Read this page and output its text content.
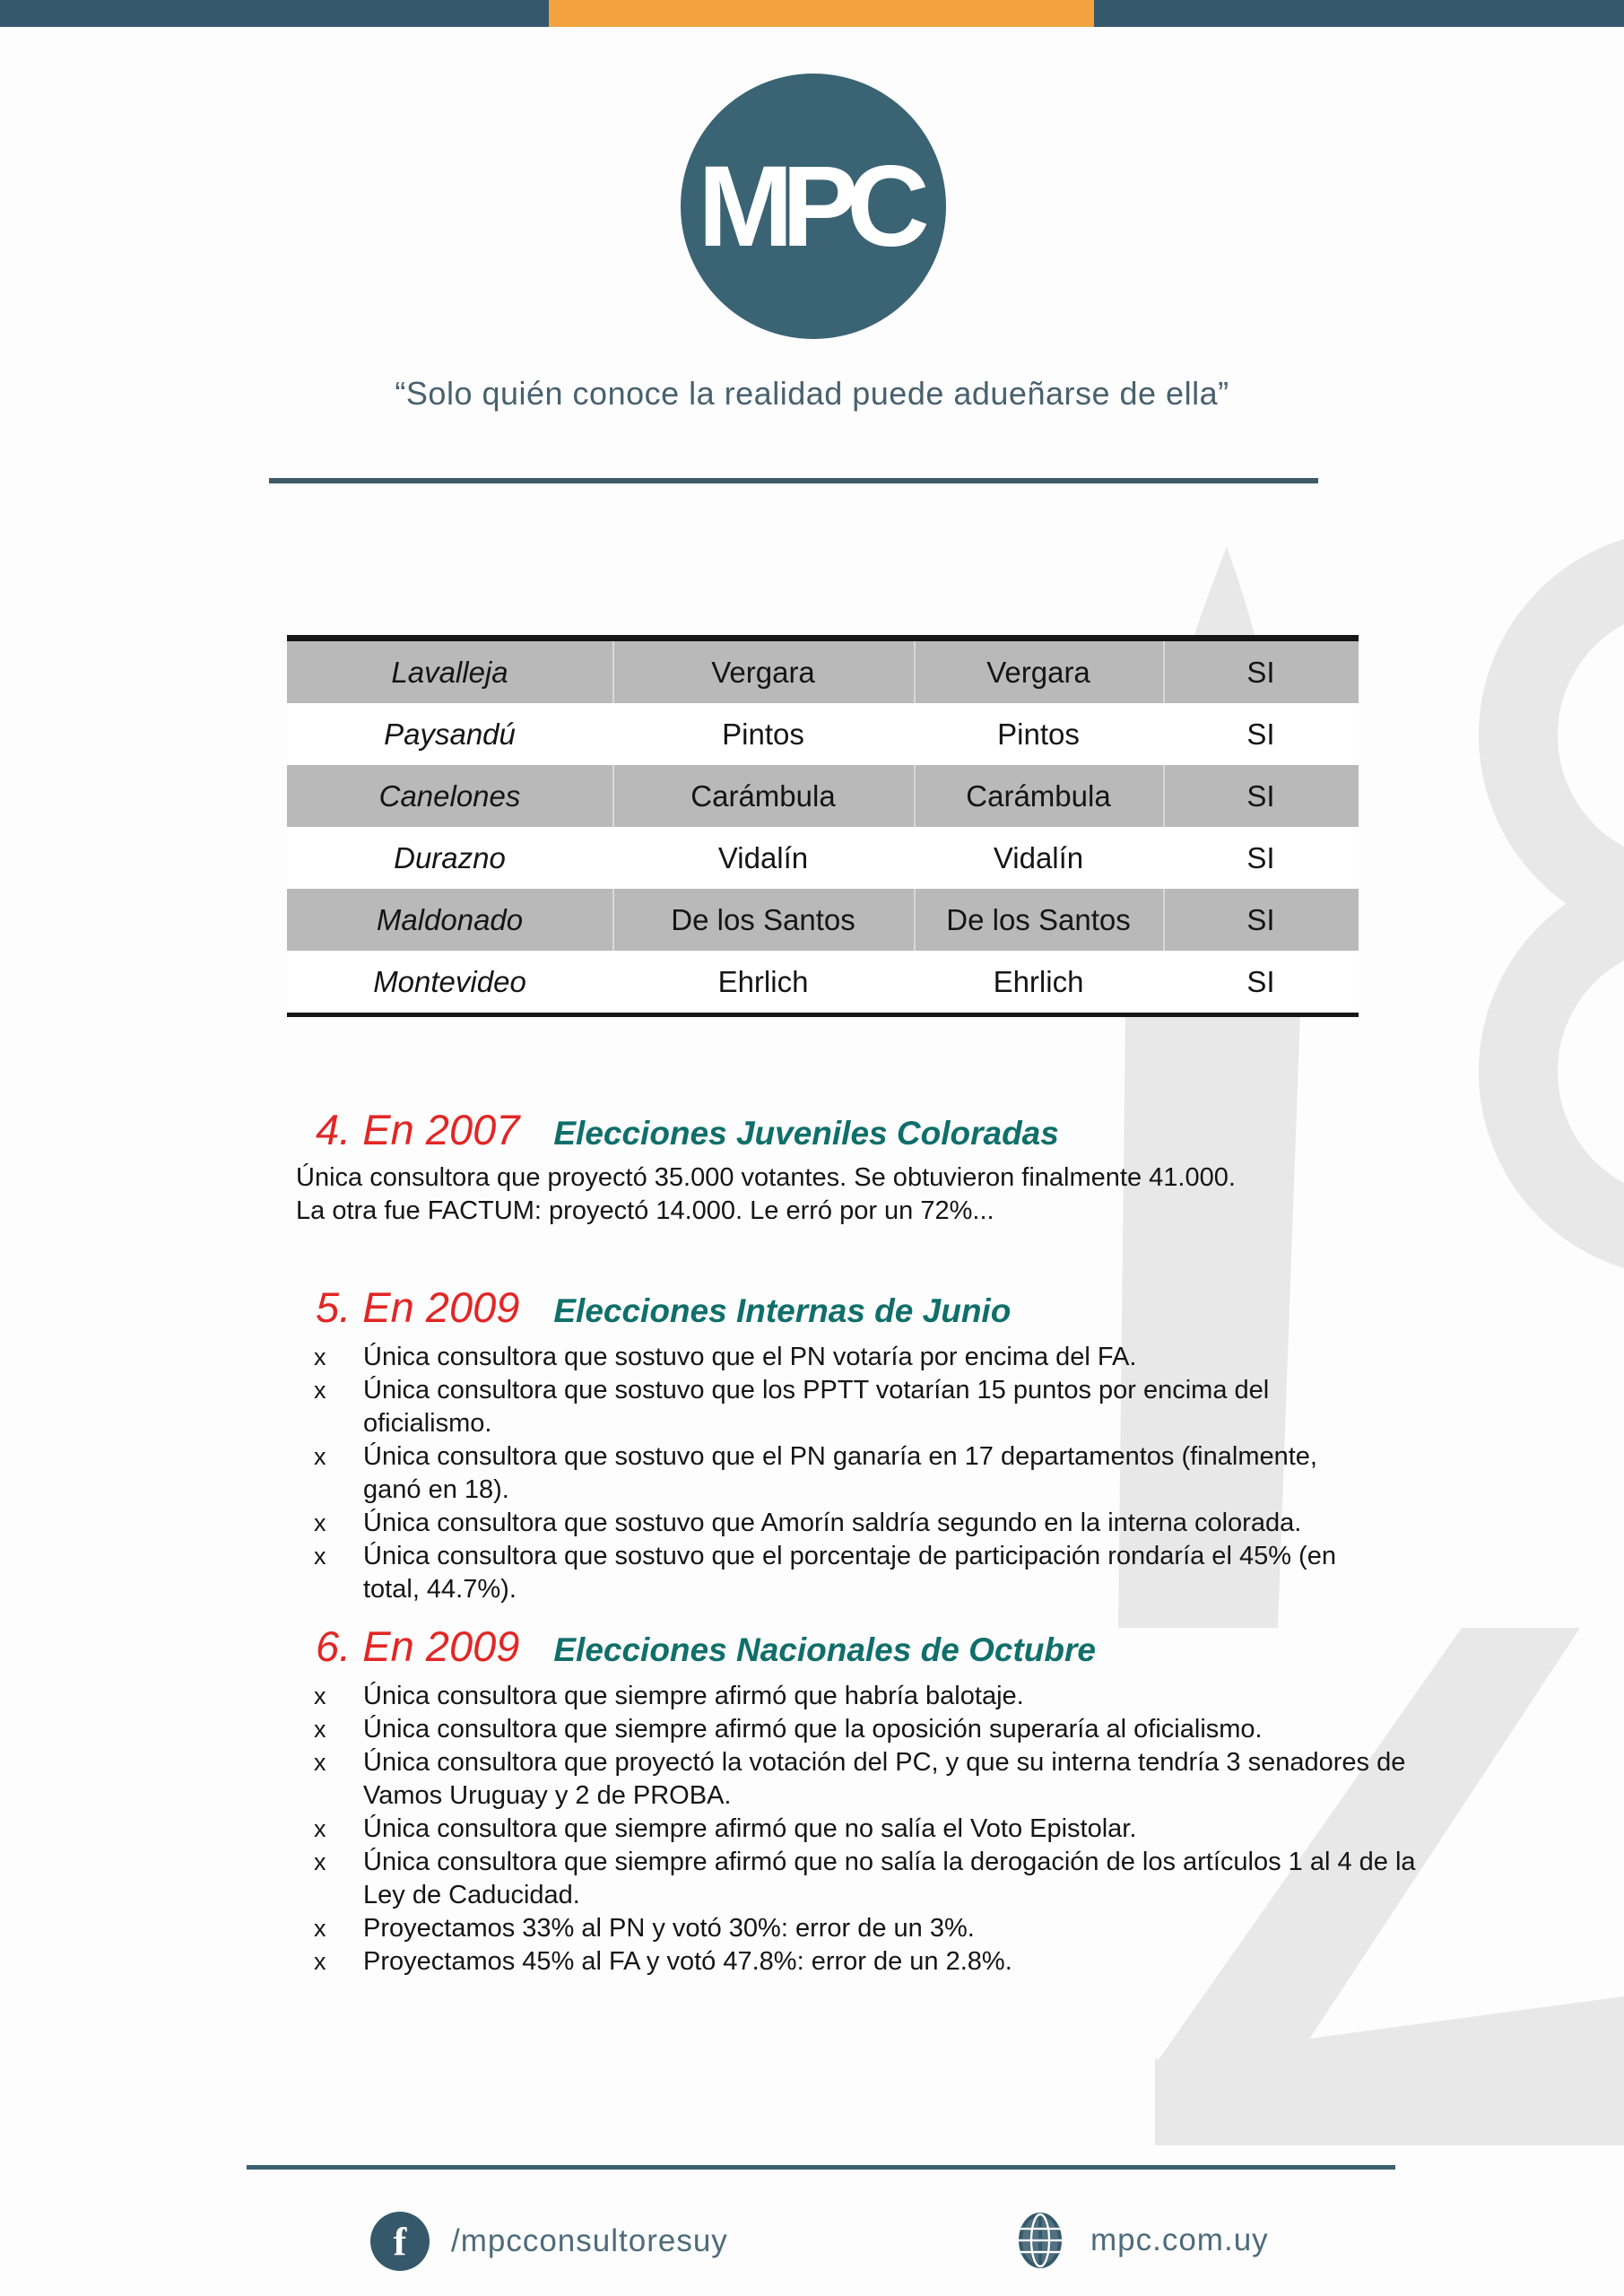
MPC
“Solo quién conoce la realidad puede adueñarse de ella”
Lavalleja	Vergara	Vergara	SI
Paysandú	Pintos	Pintos	SI
Canelones	Carámbula	Carámbula	SI
Durazno	Vidalín	Vidalín	SI
Maldonado	De los Santos	De los Santos	SI
Montevideo	Ehrlich	Ehrlich	SI
4. En 2007 Elecciones Juveniles Coloradas
Única consultora que proyectó 35.000 votantes. Se obtuvieron finalmente 41.000.
La otra fue FACTUM: proyectó 14.000. Le erró por un 72%...
5. En 2009 Elecciones Internas de Junio
x	Única consultora que sostuvo que el PN votaría por encima del FA.
x	Única consultora que sostuvo que los PPTT votarían 15 puntos por encima del oficialismo.
x	Única consultora que sostuvo que el PN ganaría en 17 departamentos (finalmente, ganó en 18).
x	Única consultora que sostuvo que Amorín saldría segundo en la interna colorada.
x	Única consultora que sostuvo que el porcentaje de participación rondaría el 45% (en total, 44.7%).
6. En 2009 Elecciones Nacionales de Octubre
x	Única consultora que siempre afirmó que habría balotaje.
x	Única consultora que siempre afirmó que la oposición superaría al oficialismo.
x	Única consultora que proyectó la votación del PC, y que su interna tendría 3 senadores de Vamos Uruguay y 2 de PROBA.
x	Única consultora que siempre afirmó que no salía el Voto Epistolar.
x	Única consultora que siempre afirmó que no salía la derogación de los artículos 1 al 4 de la Ley de Caducidad.
x	Proyectamos 33% al PN y votó 30%: error de un 3%.
x	Proyectamos 45% al FA y votó 47.8%: error de un 2.8%.
f	/mpcconsultoresuy	mpc.com.uy
